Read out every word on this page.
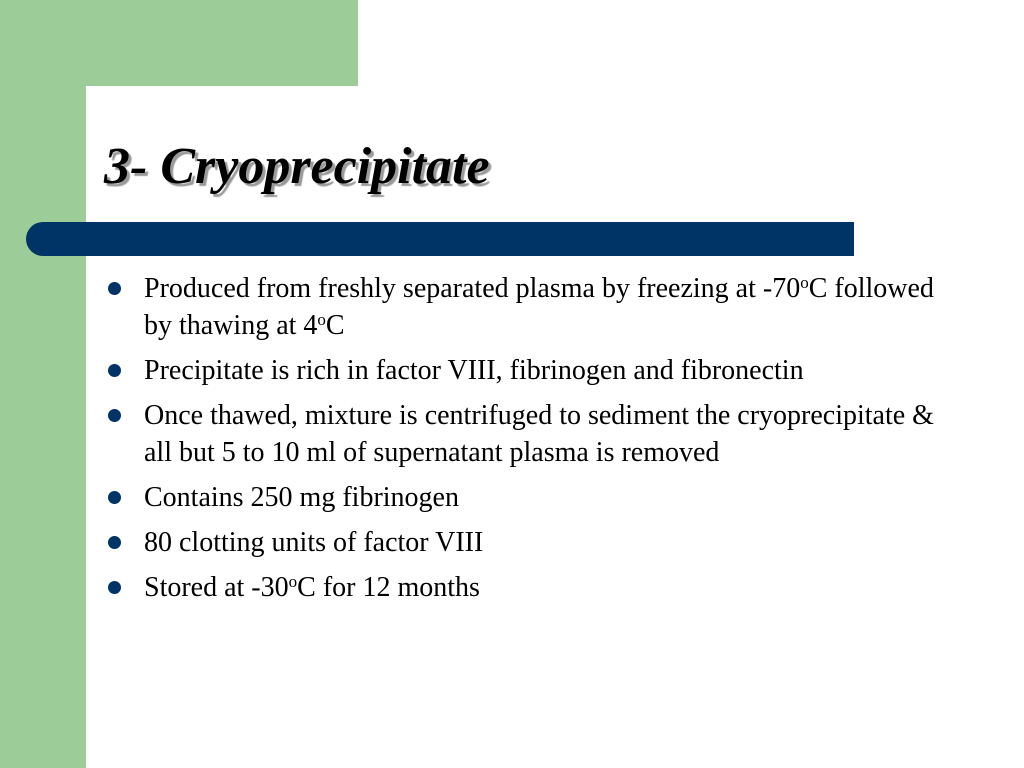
3- Cryoprecipitate
Produced from freshly separated plasma by freezing at -70$^o$C followed by thawing at 4$^o$C
Precipitate is rich in factor VIII, fibrinogen and fibronectin
Once thawed, mixture is centrifuged to sediment the cryoprecipitate & all but 5 to 10 ml of supernatant plasma is removed
Contains 250 mg fibrinogen
80 clotting units of factor VIII
Stored at -30$^o$C for 12 months
